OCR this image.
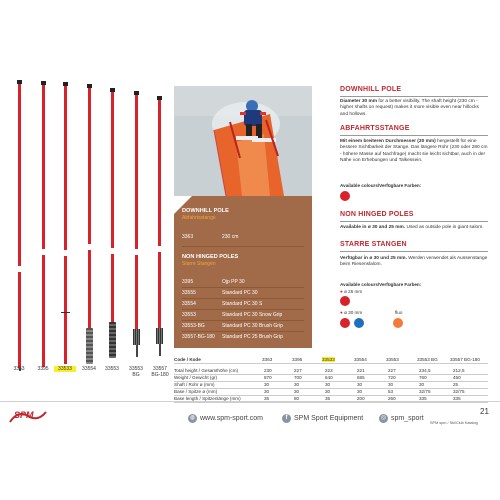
3363	3395	33533	33554	33553	33553 BG
33557 BG-180
DOWNHILL POLE
Abfahrtsstange
3363	230 cm
NON HINGED POLES
Starre Stangen
3395	Ojp PP 30
33555	Standard PC 30
33554	Standard PC 30 S
33553	Standard PC 30 Snow Grip
33553-BG	Standard PC 30 Brush Grip
33557-BG-180 Standard PC 25 Brush Grip
Code / Kode	3363	3395	33533	33554	33553	33553 BG	33557 BG-180
Total height / Gesamthöhe (cm)	230	227	223	221	227	234,5	212,5
Weight / Gewicht (gr)	870	700	640	685	720	760	450
Shaft / Rohr ø (mm)	30	30	30	30	30	30	25
Base / Spitze ø (mm)	30	30	30	30	53	32/75	32/75
Base length / Spitzenlänge (mm)	35	80	35	200	260	335	335
DOWNHILL POLE
Diameter 30 mm for a better visibility. The shaft height (230 cm - higher shafts on request) makes it more visible even near hillocks and hollows.
ABFAHRTSSTANGE
Mit einem breiteren Durchmesser (30 mm) hergestellt für eine bessere Sichtbarkeit der Stange. Das längere Rohr (230 oder 280 cm - höhere Masse auf Nachfrage) macht sie leicht sichtbar, auch in der Nähe von Erhebungen und Talkessein.
Available colours/Verfügbare Farben:
NON HINGED POLES
Available in ø 30 and 25 mm. Used as outside pole in giant salom.
STARRE STANGEN
Verfügbar in ø 30 und 25 mm. Werden verwendet als Aussenstange beim Riesenslalom.
Available colours/Verfügbare Farben:
● ø 25 mm
● ø 30 mm	fluo
SPM	◍ www.spm-sport.com	f SPM Sport Equipment	◎ spm_sport
21
SPM spm / Ski/Club Katalog
